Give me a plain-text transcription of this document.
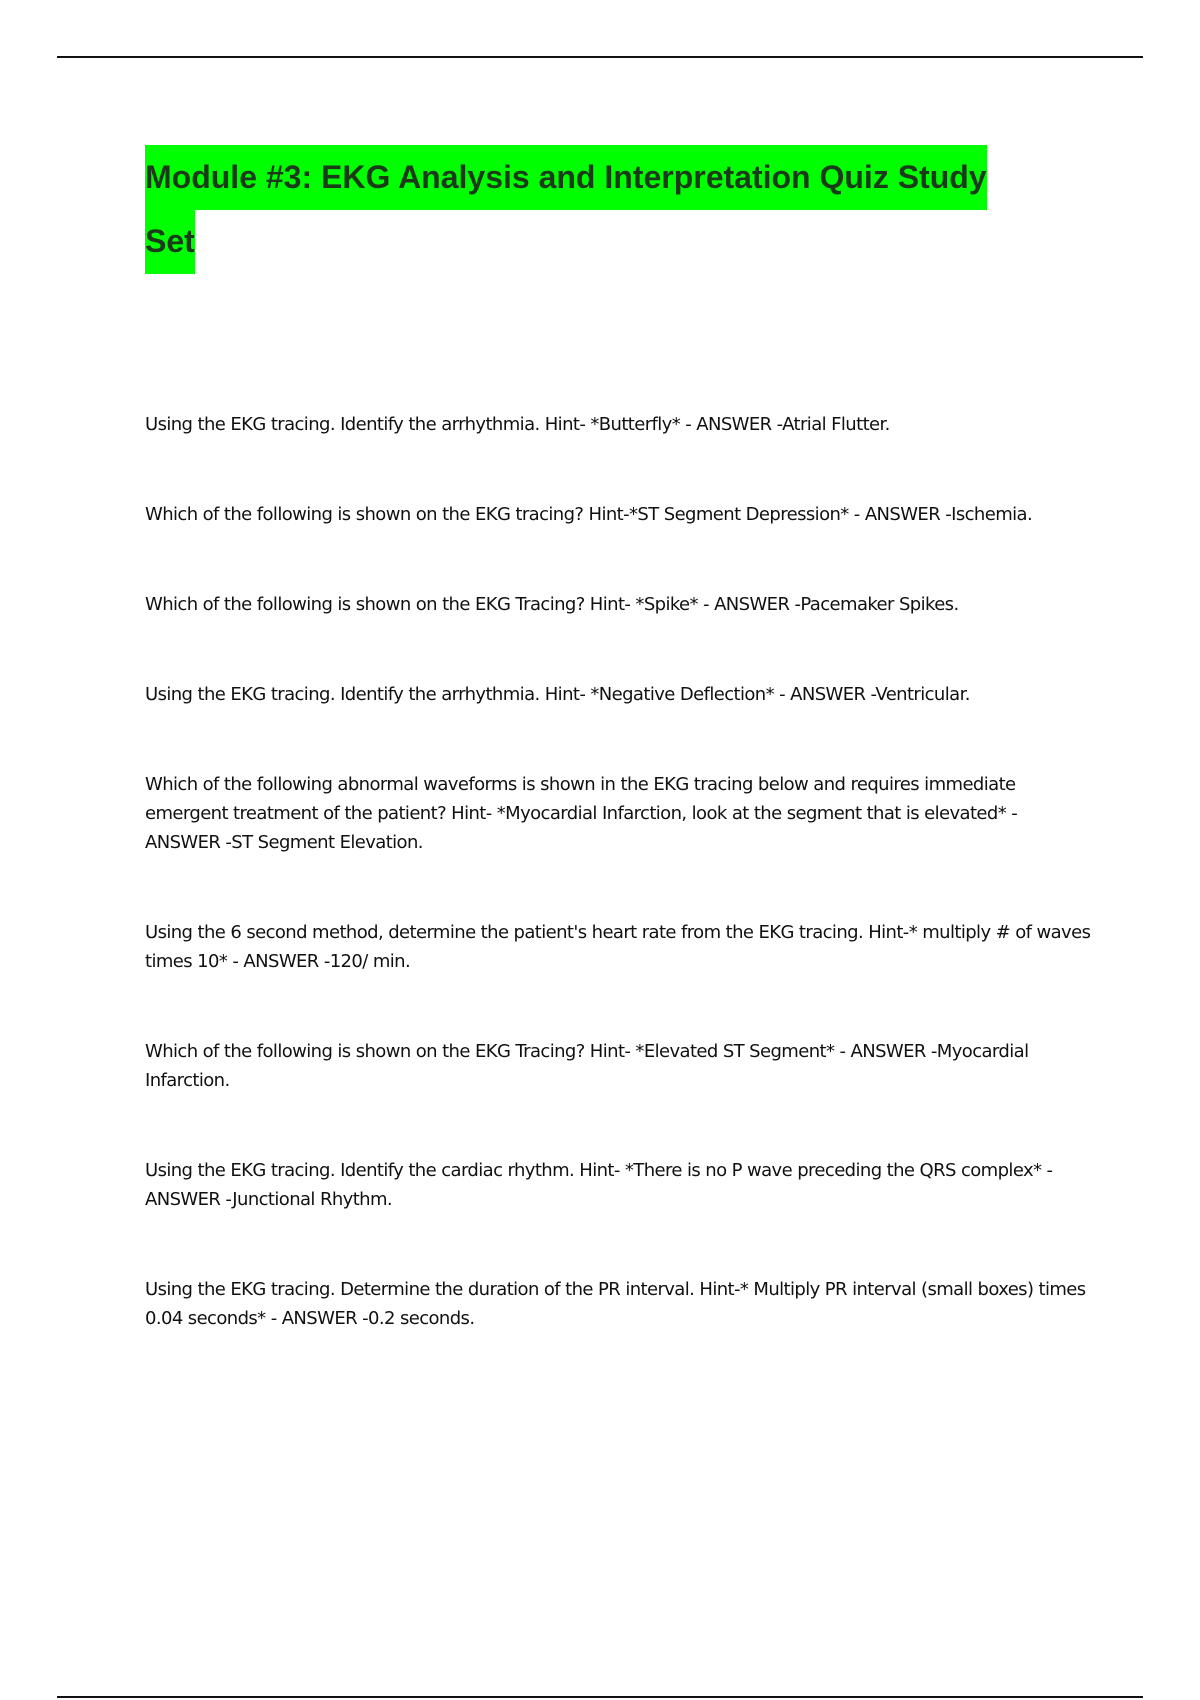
Module #3: EKG Analysis and Interpretation Quiz Study Set
Using the EKG tracing. Identify the arrhythmia. Hint- *Butterfly* - ANSWER -Atrial Flutter.
Which of the following is shown on the EKG tracing? Hint-*ST Segment Depression* - ANSWER -Ischemia.
Which of the following is shown on the EKG Tracing? Hint- *Spike* - ANSWER -Pacemaker Spikes.
Using the EKG tracing. Identify the arrhythmia. Hint- *Negative Deflection* - ANSWER -Ventricular.
Which of the following abnormal waveforms is shown in the EKG tracing below and requires immediate emergent treatment of the patient? Hint- *Myocardial Infarction, look at the segment that is elevated* - ANSWER -ST Segment Elevation.
Using the 6 second method, determine the patient's heart rate from the EKG tracing. Hint-* multiply # of waves times 10* - ANSWER -120/ min.
Which of the following is shown on the EKG Tracing? Hint- *Elevated ST Segment* - ANSWER -Myocardial Infarction.
Using the EKG tracing. Identify the cardiac rhythm. Hint- *There is no P wave preceding the QRS complex* - ANSWER -Junctional Rhythm.
Using the EKG tracing. Determine the duration of the PR interval. Hint-* Multiply PR interval (small boxes) times 0.04 seconds* - ANSWER -0.2 seconds.
